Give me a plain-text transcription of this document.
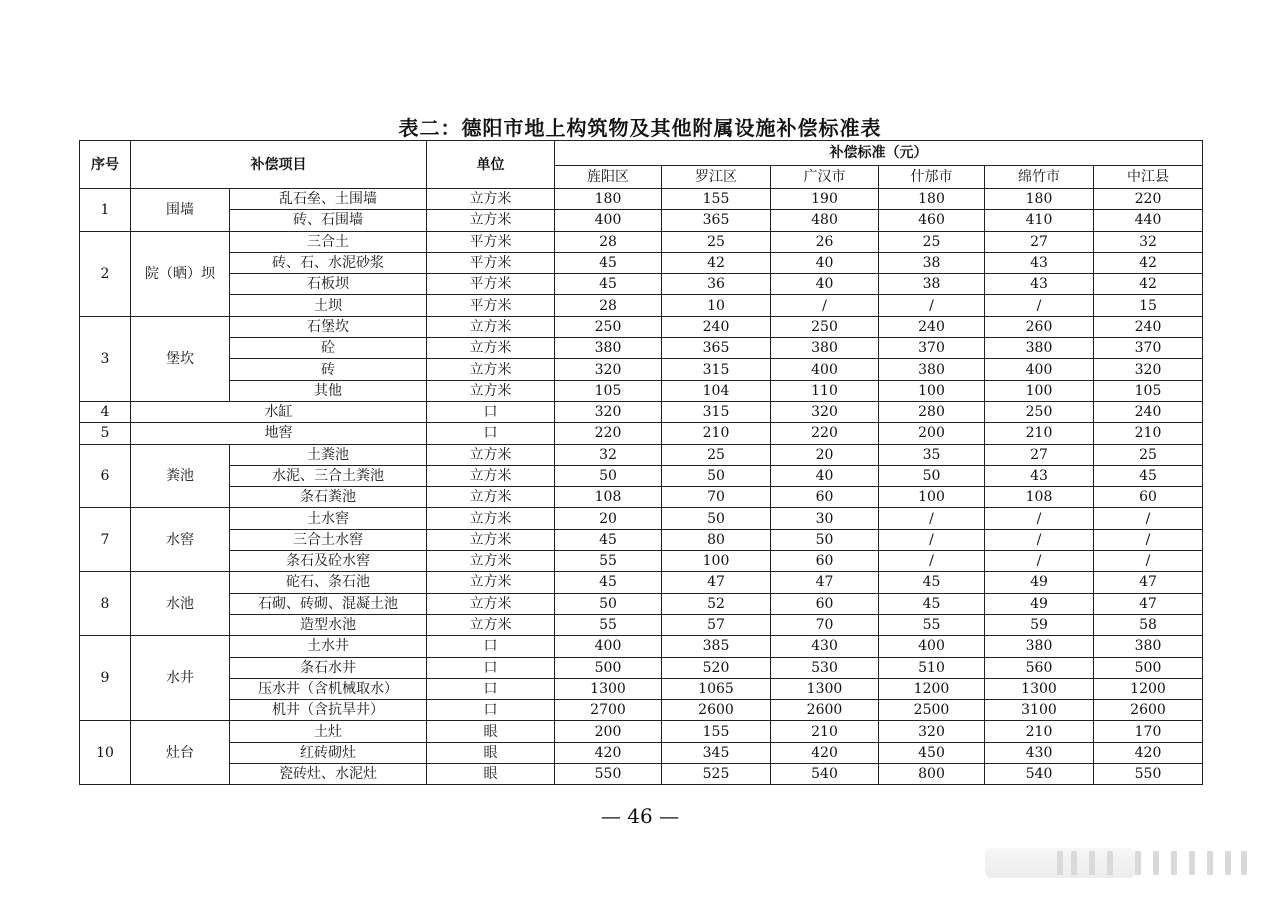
表二：德阳市地上构筑物及其他附属设施补偿标准表
序号	补偿项目		单位	补偿标准（元）					
				旌阳区	罗江区	广汉市	什邡市	绵竹市	中江县
1	围墙	乱石垒、土围墙	立方米	180	155	190	180	180	220
		砖、石围墙	立方米	400	365	480	460	410	440
2	院（晒）坝	三合土	平方米	28	25	26	25	27	32
		砖、石、水泥砂浆	平方米	45	42	40	38	43	42
		石板坝	平方米	45	36	40	38	43	42
		土坝	平方米	28	10	/	/	/	15
3	堡坎	石堡坎	立方米	250	240	250	240	260	240
		砼	立方米	380	365	380	370	380	370
		砖	立方米	320	315	400	380	400	320
		其他	立方米	105	104	110	100	100	105
4	水缸		口	320	315	320	280	250	240
5	地窖		口	220	210	220	200	210	210
6	粪池	土粪池	立方米	32	25	20	35	27	25
		水泥、三合土粪池	立方米	50	50	40	50	43	45
		条石粪池	立方米	108	70	60	100	108	60
7	水窖	土水窖	立方米	20	50	30	/	/	/
		三合土水窖	立方米	45	80	50	/	/	/
		条石及砼水窖	立方米	55	100	60	/	/	/
8	水池	砣石、条石池	立方米	45	47	47	45	49	47
		石砌、砖砌、混凝土池	立方米	50	52	60	45	49	47
		造型水池	立方米	55	57	70	55	59	58
9	水井	土水井	口	400	385	430	400	380	380
		条石水井	口	500	520	530	510	560	500
		压水井（含机械取水）	口	1300	1065	1300	1200	1300	1200
		机井（含抗旱井）	口	2700	2600	2600	2500	3100	2600
10	灶台	土灶	眼	200	155	210	320	210	170
		红砖砌灶	眼	420	345	420	450	430	420
		瓷砖灶、水泥灶	眼	550	525	540	800	540	550
— 46 —
